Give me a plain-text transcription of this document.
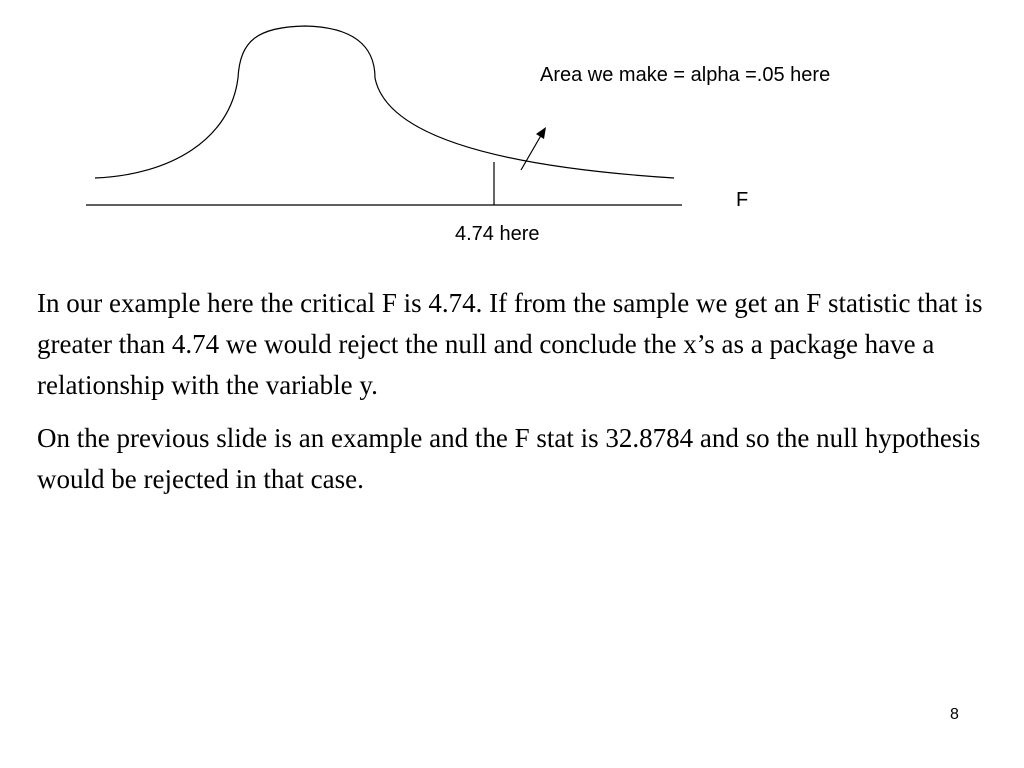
Area we make = alpha =.05 here
F
4.74 here

In our example here the critical F is 4.74. If from the sample we get an F statistic that is greater than 4.74 we would reject the null and conclude the x’s as a package have a relationship with the variable y.

On the previous slide is an example and the F stat is 32.8784 and so the null hypothesis would be rejected in that case.

8
